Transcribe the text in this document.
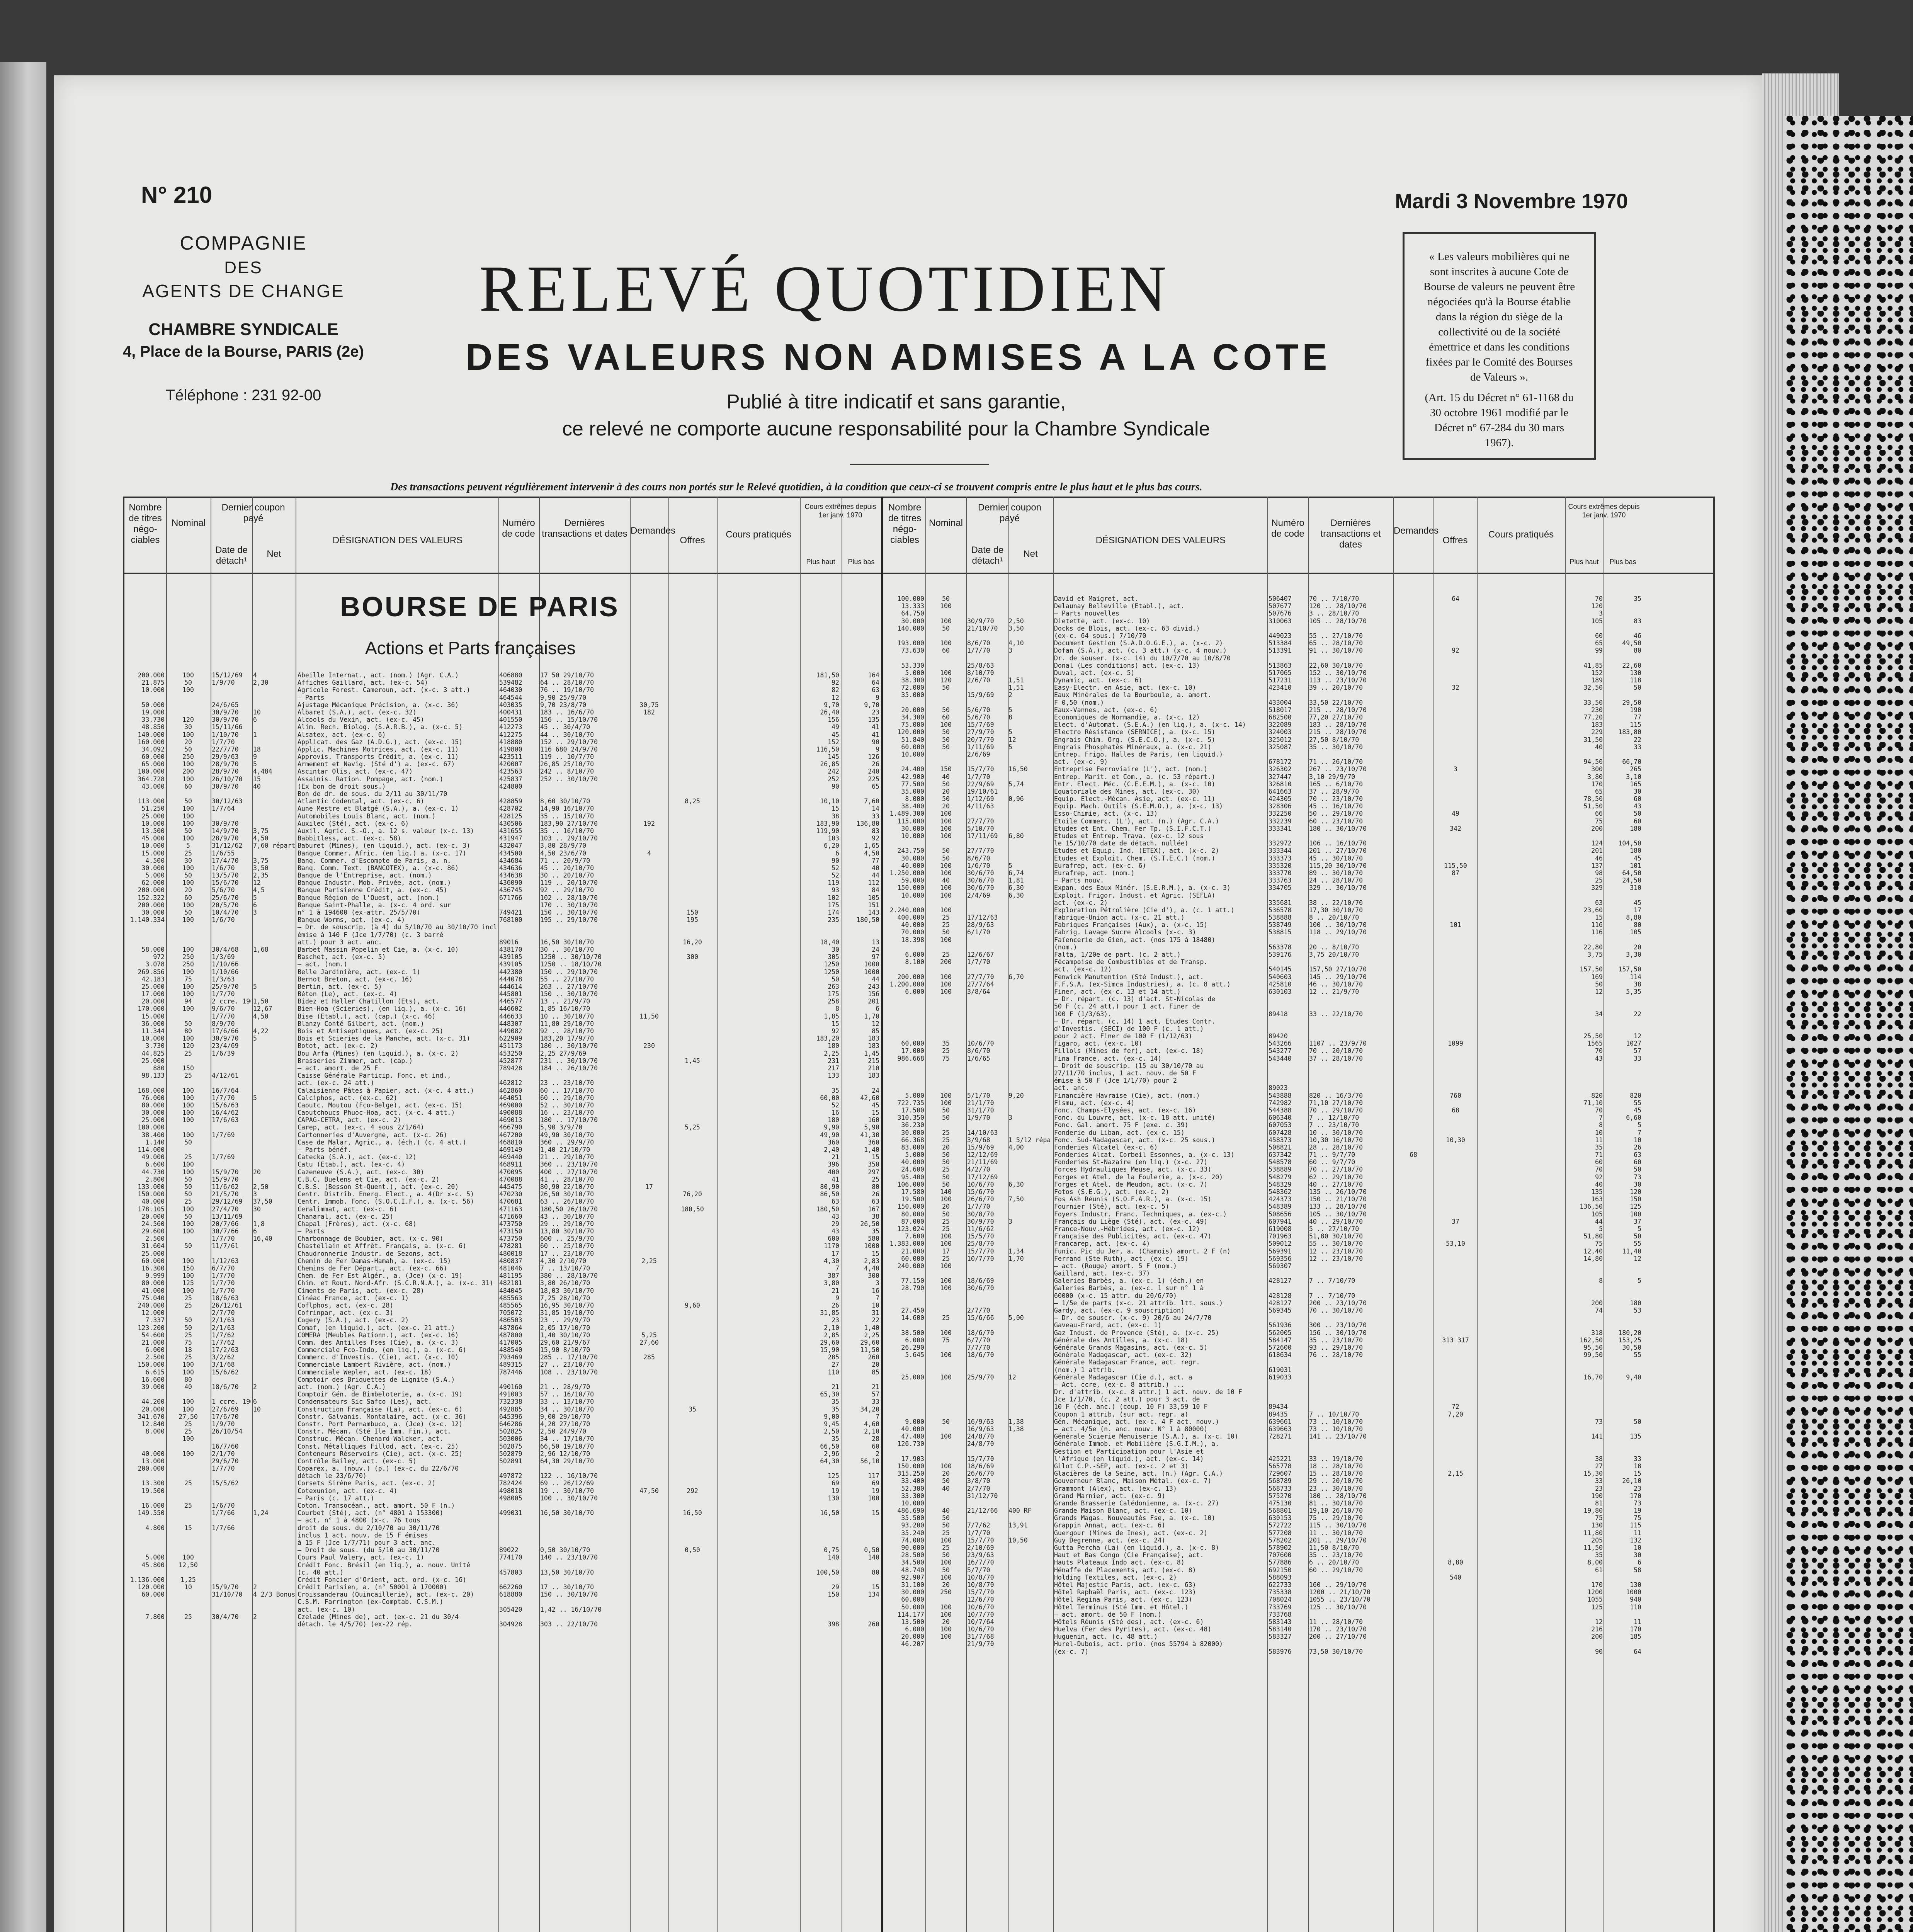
N° 210	Mardi 3 Novembre 1970
COMPAGNIE
DES
AGENTS DE CHANGE
CHAMBRE SYNDICALE
4, Place de la Bourse, PARIS (2e)
Téléphone : 231 92-00
RELEVÉ QUOTIDIEN
DES VALEURS NON ADMISES A LA COTE
Publié à titre indicatif et sans garantie,
ce relevé ne comporte aucune responsabilité pour la Chambre Syndicale
« Les valeurs mobilières qui ne sont inscrites à aucune Cote de Bourse de valeurs ne peuvent être négociées qu'à la Bourse établie dans la région du siège de la collectivité ou de la société émettrice et dans les conditions fixées par le Comité des Bourses de Valeurs ».
(Art. 15 du Décret n° 61-1168 du 30 octobre 1961 modifié par le Décret n° 67-284 du 30 mars 1967).
Des transactions peuvent régulièrement intervenir à des cours non portés sur le Relevé quotidien, à la condition que ceux-ci se trouvent compris entre le plus haut et le plus bas cours.
Nombre de titres négo- ciables
Nominal
Dernier coupon payé
Date de détach¹
Net
DÉSIGNATION DES VALEURS
Numéro de code
Dernières transactions et dates Demandes
Offres
Cours pratiqués
Cours extrêmes depuis 1er janv. 1970
Plus haut	Plus bas
Nombre de titres négo- ciables
Nominal
Dernier coupon payé
Date de détach¹
Net
DÉSIGNATION DES VALEURS
Numéro de code
Dernières transactions et dates
Demandes
Offres
Cours pratiqués
Cours extrêmes depuis 1er janv. 1970
Plus haut	Plus bas
BOURSE DE PARIS
Actions et Parts françaises
200.000	100	15/12/69	4	Abeille Internat., act. (nom.) (Agr. C.A.)	406880	17 50 29/10/70	181,50	164
21.875	50	1/9/70	2,30	Affiches Gaillard, act. (ex-c. 54)	539482	64 .. 28/10/70	92	64
10.000	100	Agricole Forest. Cameroun, act. (x-c. 3 att.)	464030	76 .. 19/10/70	82	63
— Parts	464544	9,90 25/9/70	12	9
50.000	24/6/65	Ajustage Mécanique Précision, a. (x-c. 36)	403035	9,70 23/8/70	30,75	9,70	9,70
19.000	30/9/70	10	Albaret (S.A.), act. (ex-c. 32)	400431	183 .. 16/6/70	182	26,40	23
33.730	120	30/9/70	6	Alcools du Vexin, act. (ex-c. 45)	401550	156 .. 15/10/70	156	135
48.850	30	15/11/66	Alim. Rech. Biolog. (S.A.R.B.), a. (x-c. 5)	412273	45 .. 30/4/70	49	41
140.000	100	1/10/70	1	Alsatex, act. (ex-c. 6)	412275	44 .. 30/10/70	45	41
160.000	20	1/7/70	Applicat. des Gaz (A.D.G.), act. (ex-c. 15)	418880	152 .. 29/10/70	152	90
34.092	50	22/7/70	18	Applic. Machines Motrices, act. (ex-c. 11)	419800	116 680 24/9/70	116,50	9
60.000	250	29/9/63	9	Approvis. Transports Crédit, a. (ex-c. 11)	423511	119 .. 10/7/70	145	126
65.000	100	28/9/70	5	Armement et Navig. (Sté d') a. (ex-c. 67)	420007	26,85 25/10/70	26,85	26
100.000	200	28/9/70	4,484	Ascintar Olis, act. (ex-c. 47)	423563	242 .. 8/10/70	242	240
364.728	100	26/10/70	15	Assainis. Ration. Pompage, act. (nom.)	425837	252 .. 30/10/70	252	225
43.000	60	30/9/70	40	(Ex bon de droit sous.)	424800	90	65
Bon de dr. de sous. du 2/11 au 30/11/70
113.000	50	30/12/63	Atlantic Codental, act. (ex-c. 6)	428859	8,60 30/10/70	8,25	10,10	7,60
51.250	100	1/7/64	Aune Mestre et Blatgé (S.A.), a. (ex-c. 1)	428702	14,90 16/10/70	15	14
25.000	100	Automobiles Louis Blanc, act. (nom.)	428125	35 .. 15/10/70	38	33
10.000	100	30/9/70	Auxilec (Sté), act. (ex-c. 6)	430506	183,90 27/10/70	192	183,90	136,80
13.500	50	14/9/70	3,75	Auxil. Agric. S.-O., a. 12 s. valeur (x-c. 13)	431655	35 .. 16/10/70	119,90	83
45.000	100	28/9/70	4,50	Babbitless, act. (ex-c. 58)	431947	103 .. 29/10/70	103	92
10.000	5	31/12/62	7,60 répart.
Baburet (Mines), (en liquid.), act. (ex-c. 3)	432047	3,80 28/9/70	6,20	1,65
15.000	25	1/6/55	Banque Commer. Afric. (en liq.) a. (x-c. 17)	434500	4,50 23/6/70	4	6	4,50
4.500	30	17/4/70	3,75	Banq. Commer. d'Escompte de Paris, a. n.	434684	71 .. 20/9/70	90	77
30.000	100	1/6/70	3,50	Banq. Comm. Text. (BANCOTEX), a. (x-c. 86)	434636	45 .. 20/10/70	52	40
5.000	50	13/5/70	2,35	Banque de l'Entreprise, act. (nom.)	434638	30 .. 20/10/70	52	44
62.000	100	15/6/70	12	Banque Industr. Mob. Privée, act. (nom.)	436090	119 .. 20/10/70	119	112
200.000	20	5/6/70	4,5	Banque Parisienne Crédit, a. (ex-c. 45)	436745	92 .. 29/10/70	93	84
152.322	60	25/6/70	5	Banque Région de l'Ouest, act. (nom.)	671766	102 .. 28/10/70	102	105
200.000	100	20/5/70	6	Banque Saint-Phalle, a. (x-c. 4 ord. sur	170 .. 30/10/70	175	151
30.000	50	10/4/70	3	n° 1 à 194600 (ex-attr. 25/5/70)	749421	150 .. 30/10/70	150	174	143
1.140.334	100	1/6/70	Banque Worms, act. (ex-c. 4)	768100	195 .. 29/10/70	195	235	180,50
— Dr. de souscrip. (à 4) du 5/10/70 au 30/10/70 incl
émise à 140 F (Jce 1/7/70) (c. 3 barré
att.) pour 3 act. anc.	89016	16,50 30/10/70	16,20	18,40	13
58.000	100	30/4/68	1,68	Barbet Massin Popelin et Cie, a. (x-c. 10)	438170	30 .. 30/10/70	30	24
972	250	1/3/69	Baschet, act. (ex-c. 5)	439105	1250 .. 30/10/70	300	305	97
3.078	250	1/10/66	— act. (nom.)	439105	1250 .. 18/10/70	1250	1000
269.856	100	1/10/66	Belle Jardinière, act. (ex-c. 1)	442380	150 .. 29/10/70	1250	1000
42.183	75	1/3/63	Bernot Breton, act. (ex-c. 16)	444078	55 .. 27/10/70	50	44
25.000	100	25/9/70	5	Bertin, act. (ex-c. 5)	444614	263 .. 27/10/70	263	243
17.000	100	1/7/70	Béton (Le), act. (ex-c. 4)	445801	150 .. 30/10/70	175	156
20.000	94	2 ccre. 19 1,50	Bidez et Haller Chatillon (Ets), act.	446577	13 .. 21/9/70	258	201
170.000	100	9/6/70	12,67	Bien-Hoa (Scieries), (en liq.), a. (x-c. 16)	446602	1,85 16/10/70	8	6
15.000	1/7/70	4,50	Bise (Etabl.), act. (cap.) (x-c. 46)	446633	10 .. 30/10/70	11,50	1,85	1,70
36.000	50	8/9/70	Blanzy Conté Gilbert, act. (nom.)	448307	11,80 29/10/70	15	12
11.344	80	17/6/66	4,22	Bois et Antiseptiques, act. (ex-c. 25)	449082	92 .. 28/10/70	92	85
10.000	100	30/9/70	5	Bois et Scieries de la Manche, act. (x-c. 31)	622909	183,20 17/9/70	183,20	183
3.730	120	23/4/69	Botot, act. (ex-c. 2)	451173	180 .. 30/10/70	230	180	183
44.825	25	1/6/39	Bou Arfa (Mines) (en liquid.), a. (x-c. 2)	453250	2,25 27/9/69	2,25	1,45
25.000	Brasseries Zimmer, act. (cap.)	452877	231 .. 30/10/70	1,45	231	215
880	150	— act. amort. de 25 F	789428	184 .. 26/10/70	217	210
98.133	25	4/12/61	Caisse Générale Particip. Fonc. et ind.,	133	183
act. (ex-c. 24 att.)	462812	23 .. 23/10/70
168.000	100	16/7/64	Calaisienne Pâtes à Papier, act. (x-c. 4 att.)	462860	60 .. 17/10/70	35	24
76.000	100	1/7/70	5	Calciphos, act. (ex-c. 62)	464051	60 .. 29/10/70	60,00	42,60
80.000	100	15/6/63	Caoutc. Moutou (Fco-Belge), act. (ex-c. 15)	469000	52 .. 30/10/70	52	45
30.000	100	16/4/62	Caoutchoucs Phuoc-Hoa, act. (x-c. 4 att.)	490088	16 .. 23/10/70	16	15
25.000	100	17/6/63	CAPAG-CETRA, act. (ex-c. 2)	469013	180 .. 17/10/70	180	160
100.000	Carep, act. (ex-c. 4 sous 2/1/64)	466790	5,90 3/9/70	5,25	9,90	5,90
38.400	100	1/7/69	Cartonneries d'Auvergne, act. (x-c. 26)	467200	49,90 30/10/70	49,90	41,30
1.140	50	Case de Malar, Agric., a. (éch.) (c. 4 att.)	468810	360 .. 29/9/70	360	360
114.000	— Parts bénéf.	469149	1,40 21/10/70	2,40	1,40
49.000	25	1/7/69	Catecka (S.A.), act. (ex-c. 12)	469440	21 .. 29/10/70	21	15
6.600	100	Catu (Etab.), act. (ex-c. 4)	468911	360 .. 23/10/70	396	350
44.730	100	15/9/70	20	Cazeneuve (S.A.), act. (ex-c. 30)	470095	400 .. 27/10/70	400	297
2.800	50	15/9/70	C.B.C. Buelens et Cie, act. (ex-c. 2)	470088	41 .. 28/10/70	41	25
133.000	50	11/6/62	2,50	C.B.S. (Besson St-Quent.), act. (ex-c. 20)	445475	80,90 22/10/70	17	80,90	80
150.000	50	21/5/70	3	Centr. Distrib. Energ. Elect., a. 4(Dr x-c. 5)	470230	26,50 30/10/70	76,20	86,50	26
40.000	25	29/12/69	37,50	Centr. Immob. Fonc. (S.O.C.I.F.), a. (x-c. 56)	470681	63 .. 26/10/70	63	63
178.105	100	27/4/70	30	Ceralimmat, act. (ex-c. 6)	471163	180,50 26/10/70	180,50	180,50	167
20.000	50	13/11/69	Chanaral, act. (ex-c. 25)	471660	43 .. 30/10/70	43	38
24.560	100	20/7/66	1,8	Chapal (Frères), act. (x-c. 68)	473750	29 .. 29/10/70	29	26,50
29.600	100	30/7/66	6	— Parts	473150	13,80 30/10/70	43	35
2.500	1/7/70	16,40	Charbonnage de Boubier, act. (x-c. 90)	473750	600 .. 25/9/70	600	580
31.604	50	11/7/61	Chastellain et Affrêt. Français, a. (x-c. 6)	478281	60 .. 25/10/70	1170	1000
25.000	Chaudronnerie Industr. de Sezons, act.	480018	17 .. 23/10/70	17	15
60.000	100	1/12/63	Chemin de Fer Damas-Hamah, a. (ex-c. 15)	480837	4,30 2/10/70	2,25	4,30	2,83
16.300	150	6/7/70	Chemins de Fer Départ., act. (ex-c. 66)	481046	7 .. 13/10/70	7	4,40
9.999	100	1/7/70	Chem. de Fer Est Algér., a. (Jce) (x-c. 19)	481195	380 .. 28/10/70	387	300
80.000	125	1/7/70	Chim. et Rout. Nord-Afr. (S.C.R.N.A.), a. (x-c. 31) 482181	3,80 26/10/70	3,80	3
41.000	100	1/7/70	Ciments de Paris, act. (ex-c. 28)	484045	18,03 30/10/70	21	16
75.040	25	18/6/63	Cinéac France, act. (ex-c. 1)	485563	7,25 28/10/70	9	7
240.000	25	26/12/61	Coflphos, act. (ex-c. 28)	485565	16,95 30/10/70	9,60	26	10
12.000	2/7/70	Cofrinpar, act. (ex-c. 3)	705072	31,85 19/10/70	31,85	31
7.337	50	2/1/63	Cogery (S.A.), act. (ex-c. 2)	486503	23 .. 29/9/70	23	22
123.200	50	2/1/63	Comaf, (en liquid.), act. (ex-c. 21 att.)	487864	2,05 17/10/70	2,10	1,40
54.600	25	1/7/62	COMERA (Meubles Rationn.), act. (ex-c. 16)	487800	1,40 30/10/70	5,25	2,85	2,25
21.000	75	1/7/62	Comm. des Antilles Fses (Cie), a. (x-c. 3)	417005	29,60 21/9/67	27,60	29,60	29,60
6.000	18	17/2/63	Commerciale Fco-Indo, (en liq.), a. (x-c. 6)	488540	15,90 8/10/70	15,90	11,50
2.500	25	3/2/62	Commerc. d'Investis. (Cie), act. (x-c. 10)	793469	285 .. 17/10/70	285	285	260
150.000	100	3/1/68	Commerciale Lambert Rivière, act. (nom.)	489315	27 .. 23/10/70	27	20
6.615	100	15/6/62	Commerciale Wepler, act. (ex-c. 18)	787446	108 .. 23/10/70	110	85
16.600	80	Comptoir des Briquettes de Lignite (S.A.)
39.000	40	18/6/70	2	act. (nom.) (Agr. C.A.)	490160	21 .. 28/9/70	21	21
Comptoir Gén. de Bimbeloterie, a. (x-c. 19)	491003	57 .. 16/10/70	65,30	57
44.200	100	1 ccre. 19 6	Condensateurs Sic Safco (Les), act.	732338	33 .. 13/10/70	35	33
20.000	100	27/6/69	10	Construction Française (La), act. (ex-c. 6)	492885	34 .. 30/10/70	35	35	34,20
341.670	27,50	17/6/70	Constr. Galvanis. Montalaire, act. (x-c. 36)	645396	9,00 29/10/70	9,00	7
12.840	25	1/9/70	Constr. Port Pernambuco, a. (Jce) (x-c. 12)	646286	4,20 27/10/70	9,45	4,60
8.000	25	26/10/54	Constr. Mécan. (Sté Ile Imm. Fin.), act.	502825	2,50 24/9/70	2,50	2,10
100	Construc. Mécan. Chenard-Walcker, act.	503006	34 .. 17/10/70	35	28
16/7/60	Const. Métalliques Fillod, act. (ex-c. 25)	502875	66,50 19/10/70	66,50	60
40.000	100	2/1/70	Conteneurs Réservoirs (Cie), act. (x-c. 25)	502879	2,96 12/10/70	2,96	2
13.000	29/6/70	Contrôle Bailey, act. (ex-c. 5)	502891	64,30 29/10/70	64,30	56,10
200.000	1/7/70	Coparex, a. (nouv.) (p.) (ex-c. du 22/6/70
détach le 23/6/70)	497872	122 .. 16/10/70	125	117
13.300	25	15/5/62	Corsets Sirène Paris, act. (ex-c. 2)	782424	69 .. 26/12/69	69	69
19.500	Cotexunion, act. (ex-c. 4)	498018	19 .. 30/10/70	47,50	292	19	19
— Paris (c. 17 att.)	498005	100 .. 30/10/70	130	100
16.000	25	1/6/70	Coton. Transocéan., act. amort. 50 F (n.)
149.550	1/7/66	1,24	Courbet (Sté), act. (n° 4801 à 153300)	499031	16,50 30/10/70	16,50	16,50	15
— act. n° 1 à 4800 (x-c. 76 tous
4.800	15	1/7/66	droit de sous. du 2/10/70 au 30/11/70
inclus 1 act. nouv. de 15 F émises
à 15 F (Jce 1/7/71) pour 3 act. anc.
— Droit de sous. (du 5/10 au 30/11/70	89022	0,50 30/10/70	0,50	0,75	0,50
5.000	100	Cours Paul Valery, act. (ex-c. 1)	774170	140 .. 23/10/70	140	140
45.800	12,50	Crédit Fonc. Brésil (en liq.), a. nouv. Unité
(c. 40 att.)	457803	13,50 30/10/70	100,50	80
1.136.000	1,25	Crédit Foncier d'Orient, act. ord. (x-c. 16)
120.000	10	15/9/70	2	Crédit Parisien, a. (n° 50001 à 170000)	662260	17 .. 30/10/70	29	15
60.000	31/10/70	4 2/3 Bonus Croissanderau (Quincaillerie), act. (ex-c. 20)	618880	150 .. 30/10/70	150	134
C.S.M. Farrington (ex-Comptab. C.S.M.)
act. (ex-c. 10)	305420	1,42 .. 16/10/70
7.800	25	30/4/70	2	Czelade (Mines de), act. (ex-c. 21 du 30/4
détach. le 4/5/70) (ex-22 rép.	304928	303 .. 22/10/70	398	260
100.000	50	David et Maigret, act.	506407	70 .. 7/10/70	64	70	35
13.333	100	Delaunay Belleville (Etabl.), act.	507677	120 .. 28/10/70	120
64.750	— Parts nouvelles	507676	3 .. 28/10/70	3
30.000	100	30/9/70	2,50	Dietette, act. (ex-c. 10)	310063	105 .. 28/10/70	105	83
140.000	50	21/10/70	3,50	Docks de Blois, act. (ex-c. 63 divid.)
(ex-c. 64 sous.) 7/10/70	449023	55 .. 27/10/70	60	46
193.000	100	8/6/70	4,10	Document Gestion (S.A.D.O.G.E.), a. (x-c. 2)	513384	65 .. 28/10/70	65	49,50
73.630	60	1/7/70	3	Dofan (S.A.), act. (c. 3 att.) (x-c. 4 nouv.)	513391	91 .. 30/10/70	92	99	80
Dr. de souser. (x-c. 14) du 10/7/70 au 10/8/70
53.330	25/8/63	Donal (Les conditions) act. (ex-c. 13)	513863	22,60 30/10/70	41,85	22,60
5.000	100	8/10/70	Duval, act. (ex-c. 5)	517065	152 .. 30/10/70	152	130
38.300	120	2/6/70	1,51	Dynamic, act. (ex-c. 6)	517231	113 .. 23/10/70	189	118
72.000	50	1,51	Easy-Electr. en Asie, act. (ex-c. 10)	423410	39 .. 20/10/70	32	32,50	50
35.000	15/9/69	2	Eaux Minérales de la Bourboule, a. amort.
F 0,50 (nom.)	433004	33,50 22/10/70	33,50	29,50
20.000	50	5/6/70	5	Eaux-Vannes, act. (ex-c. 6)	518017	215 .. 28/10/70	230	190
34.300	60	5/6/70	8	Economiques de Normandie, a. (x-c. 12)	682500	77,20 27/10/70	77,20	77
75.000	100	15/7/69	Elect. d'Automat. (S.E.A.) (en liq.), a. (x-c. 14)	322089	183 .. 28/10/70	183	115
120.000	50	27/9/70	5	Electro Résistance (SERNICE), a. (x-c. 15)	324003	215 .. 28/10/70	229	183,80
51.840	50	20/7/70	12	Engrais Chim. Org. (S.E.C.O.), a. (x-c. 5)	325012	27,50 8/10/70	31,50	22
60.000	50	1/11/69	5	Engrais Phosphatés Minéraux, a. (x-c. 21)	325087	35 .. 30/10/70	40	33
10.000	2/6/69	Entrep. Frigo. Halles de Paris, (en liquid.)
act. (ex-c. 9)	678172	71 .. 26/10/70	94,50	66,70
24.400	150	15/7/70	16,50	Entreprise Ferroviaire (L'), act. (nom.)	326302	267 .. 23/10/70	3	300	265
42.900	40	1/7/70	Entrep. Marit. et Com., a. (c. 53 répart.)	327447	3,10 29/9/70	3,80	3,10
77.500	50	22/9/69	5,74	Entr. Elect. Méc. (C.E.E.M.), a. (x-c. 10)	326810	165 .. 6/10/70	170	165
35.000	20	19/10/61	Equatoriale des Mines, act. (ex-c. 30)	641663	37 .. 28/9/70	65	30
8.000	50	1/12/69	0,96	Equip. Elect.-Mécan. Asie, act. (ex-c. 11)	424305	70 .. 23/10/70	78,50	60
38.400	20	4/11/63	Equip. Mach. Outils (S.E.M.O.), a. (x-c. 13)	328306	45 .. 16/10/70	51,50	43
1.489.300	100	Esso-Chimie, act. (x-c. 13)	332250	50 .. 29/10/70	49	66	50
115.000	100	27/7/70	Etoile Commerc. (L'), act. (n.) (Agr. C.A.)	332239	60 .. 23/10/70	75	60
30.000	100	5/10/70	Etudes et Ent. Chem. Fer Tp. (S.I.F.C.T.)	333341	180 .. 30/10/70	342	200	180
10.000	100	17/11/69	6,80	Etudes et Entrep. Trava. (ex-c. 12 sous
le 15/10/70 date de détach. nullée)	332972	106 .. 16/10/70	124	104,50
243.750	50	27/7/70	Etudes et Equip. Ind. (ETEX), act. (x-c. 2)	333344	201 .. 27/10/70	201	180
30.000	50	8/6/70	Etudes et Exploit. Chem. (S.T.E.C.) (nom.)	333373	45 .. 30/10/70	46	45
40.000	100	1/6/70	5	Eurafrep, act. (ex-c. 6)	335320	115,20 30/10/70	115,50	137	101
1.250.000	100	30/6/70	6,74	Eurafrep, act. (nom.)	333770	89 .. 30/10/70	87	98	64,50
59.000	40	30/6/70	1,81	— Parts nouv.	333763	24 .. 28/10/70	25	24,50
150.000	100	30/6/70	6,30	Expan. des Eaux Minér. (S.E.R.M.), a. (x-c. 3)	334705	329 .. 30/10/70	329	310
10.000	100	2/4/69	6,30	Exploit. Frigor. Indust. et Agric. (SEFLA)
act. (ex-c. 2)	335681	38 .. 22/10/70	63	45
2.240.000	100	Exploration Pétrolière (Cie d'), a. (c. 1 att.)	536578	17,30 30/10/70	23,60	17
400.000	25	17/12/63	Fabrique-Union act. (x-c. 21 att.)	538888	8 .. 20/10/70	15	8,80
40.000	25	28/9/63	Fabriques Françaises (Aux), a. (x-c. 15)	538749	100 .. 30/10/70	101	116	80
70.000	50	6/1/70	Fabrig. Lavage Sucre Alcools (x-c. 3)	538815	118 .. 29/10/70	116	105
18.398	100	Faïencerie de Gien, act. (nos 175 à 18480)
(nom.)	563378	20 .. 8/10/70	22,80	20
6.000	25	12/6/67	Falta, 1/20e de part. (c. 2 att.)	539176	3,75 20/10/70	3,75	3,30
8.100	200	1/7/70	Fécampoise de Combustibles et de Transp.
act. (ex-c. 12)	540145	157,50 27/10/70	157,50	157,50
200.000	100	27/7/70	6,70	Fenwick Manutention (Sté Indust.), act.	540603	145 .. 29/10/70	169	114
1.200.000	100	27/7/64	F.F.S.A. (ex-Simca Industries), a. (c. 8 att.)	425810	46 .. 30/10/70	50	38
6.000	100	3/8/64	Finer, act. (ex-c. 13 et 14 att.)	630103	12 .. 21/9/70	12	5,35
— Dr. répart. (c. 13) d'act. St-Nicolas de
50 F (c. 24 att.) pour 1 act. Finer de
100 F (1/3/63).	89418	33 .. 22/10/70	34	22
— Dr. répart. (c. 14) 1 act. Etudes Contr.
d'Investis. (SECI) de 100 F (c. 1 att.)
pour 2 act. Finer de 100 F (1/12/63)	89420	25,50	12
60.000	35	10/6/70	Figaro, act. (ex-c. 10)	543266	1107 .. 23/9/70	1099	1565	1027
17.000	25	8/6/70	Fillols (Mines de fer), act. (ex-c. 18)	543277	70 .. 20/10/70	70	57
986.668	75	1/6/65	Fina France, act. (ex-c. 14)	543440	37 .. 28/10/70	43	33
— Droit de souscrip. (15 au 30/10/70 au
27/11/70 inclus, 1 act. nouv. de 50 F
émise à 50 F (Jce 1/1/70) pour 2
act. anc.	89023
5.000	100	5/1/70	9,20	Financière Havraise (Cie), act. (nom.)	543888	820 .. 16/3/70	760	820	820
722.735	100	21/1/70	Fismu, act. (ex-c. 4)	742982	71,10 27/10/70	71,10	55
17.500	50	31/1/70	Fonc. Champs-Elysées, act. (ex-c. 16)	544388	70 .. 29/10/70	68	70	45
310.350	50	1/9/70	3	Fonc. du Louvre, act. (x-c. 18 att. unité)	606340	7 .. 12/10/70	7	6,60
36.230	Fonc. Gal. amort. 75 F (exe. c. 39)	607053	7 .. 23/10/70	8	5
30.000	25	14/10/63	Fonderie du Liban, act. (ex-c. 15)	607428	10 .. 30/10/70	10	7
66.368	25	3/9/68	1 5/12 répa Fonc. Sud-Madagascar, act. (x-c. 25 sous.)	458373	10,30 16/10/70	10,30	11	10
83.000	20	15/9/69	4,00	Fonderies Alcatel (ex-c. 6)	508821	28 .. 28/10/70	35	26
5.000	50	12/12/69	Fonderies Alcat. Corbeil Essonnes, a. (x-c. 13)	637342	71 .. 9/7/70	68	71	63
40.000	50	21/11/69	Fonderies St-Nazaire (en liq.) (x-c. 27)	548578	60 .. 9/7/70	60	60
24.600	25	4/2/70	Forces Hydrauliques Meuse, act. (x-c. 33)	538889	70 .. 27/10/70	70	50
95.400	50	17/12/69	Forges et Atel. de la Foulerie, a. (x-c. 20)	548279	62 .. 29/10/70	92	73
106.000	50	10/6/70	6,30	Forges et Atel. de Meudon, act. (x-c. 7)	548329	40 .. 27/10/70	40	30
17.580	140	15/6/70	Fotos (S.E.G.), act. (ex-c. 2)	548362	135 .. 26/10/70	135	120
19.500	100	26/6/70	7,50	Fos Ash Réunis (S.O.F.A.R.), a. (x-c. 15)	424373	150 .. 21/10/70	163	150
150.000	20	1/7/70	Fournier (Sté), act. (ex-c. 5)	548389	133 .. 28/10/70	136,50	125
80.000	50	30/8/70	Foyers Industr. Franc. Techniques, a. (ex-c.)	508656	105 .. 30/10/70	105	100
87.000	25	30/9/70	3	Français du Liège (Sté), act. (ex-c. 49)	607941	40 .. 29/10/70	37	44	37
123.024	25	11/6/62	France-Nouv.-Hébrides, act. (ex-c. 12)	619008	5 .. 27/10/70	5	5
7.600	100	15/5/70	Française des Publicités, act. (ex-c. 47)	701963	51,80 30/10/70	51,80	50
1.383.000	100	25/8/70	Francarep, act. (ex-c. 4)	509012	55 .. 30/10/70	53,10	75	55
21.000	17	15/7/70	1,34	Funic. Pic du Jer, a. (Chamois) amort. 2 F (n)	569391	12 .. 23/10/70	12,40	11,40
60.000	25	10/7/70	1,70	Ferrand (Ste Ruth), act. (ex-c. 19)	569356	12 .. 23/10/70	14,80	12
240.000	100	— act. (Rouge) amort. 5 F (nom.)	569307
Gaillard, act. (ex-c. 37)
77.150	100	18/6/69	Galeries Barbès, a. (ex-c. 1) (éch.) en	428127	7 .. 7/10/70	8	5
28.790	100	30/6/70	Galeries Barbès, a. (ex-c. 1 sur n° 1 à
60000 (x-c. 15 attr. du 20/6/70)	428128	7 .. 7/10/70
— 1/5e de parts (x-c. 21 attrib. ltt. sous.)	428127	200 .. 23/10/70	200	180
27.450	2/7/70	Gardy, act. (ex-c. 9 souscription)	569345	70 .. 30/10/70	74	53
14.600	25	15/6/66	5,00	— Dr. de souscr. (x-c. 9) 20/6 au 24/7/70
Gaveau-Erard, act. (ex-c. 1)	561936	300 .. 23/10/70
38.500	100	18/6/70	Gaz Indust. de Provence (Sté), a. (x-c. 25)	562005	156 .. 30/10/70	318	180,20
6.000	75	6/7/70	Générale des Antilles, a. (x-c. 18)	584147	35 .. 23/10/70	313 317	162,50	153,25
26.290	7/7/70	Générale Grands Magasins, act. (ex-c. 5)	572600	93 .. 29/10/70	95,50	30,50
5.645	100	18/6/70	Générale Madagascar, act. (ex-c. 32)	618634	76 .. 28/10/70	99,50	55
Générale Madagascar France, act. regr.
(nom.) 1 attrib.	619031
25.000	100	25/9/70	12	Générale Madagascar (Cie d.), act. a	619033	16,70	9,40
— Act. ccre, (ex-c. 8 attrib.) ...
Dr. d'attrib. (x-c. 8 attr.) 1 act. nouv. de 10 F
Jce 1/1/70, (c. 2 att.) pour 3 act. de
10 F (éch. anc.) (coup. 10 F) 33,59 10 F	89434	72
Coupon 1 attrib. (sur act. regr. a)	89435	7 .. 10/10/70	7,20
9.000	50	16/9/63	1,38	Gén. Mécanique, act. (ex-c. 4 F act. nouv.)	639661	73 .. 10/10/70	73	50
40.000	16/9/63	1,38	— act. 4/5e (n. anc. nouv. N° 1 à 80000)	639663	73 .. 10/10/70
47.400	100	24/8/70	Générale Scierie Menuiserie (S.A.), a. (x-c. 10)	728271	141 .. 23/10/70	141	135
126.730	24/8/70	Générale Immob. et Mobilière (S.G.I.M.), a.
Gestion et Participation pour l'Asie et
17.903	15/7/70	l'Afrique (en liquid.), act. (ex-c. 14)	425221	33 .. 19/10/70	38	33
150.000	100	18/6/69	Gilot C.P.-SEP, act. (ex-c. 2 et 3)	565778	18 .. 28/10/70	27	18
315.250	20	26/6/70	Glacières de la Seine, act. (n.) (Agr. C.A.)	729607	15 .. 28/10/70	2,15	15,30	15
33.400	50	3/8/70	Gouverneur Blanc, Maison Métal. (ex-c. 7)	568789	29 .. 20/10/70	33	26,10
52.300	40	2/7/70	Grammont (Alex), act. (ex-c. 13)	568733	23 .. 30/10/70	23	23
33.300	31/12/70	Grand Marnier, act. (ex-c. 9)	575270	180 .. 28/10/70	190	170
10.000	Grande Brasserie Calédonienne, a. (x-c. 27)	475130	81 .. 30/10/70	81	73
486.690	40	21/12/66	400 RF	Grande Maison Blanc, act. (ex-c. 10)	568801	19,10 26/10/70	19,80	19
35.500	50	Grands Magas. Nouveautés Fse, a. (x-c. 10)	630153	75 .. 29/10/70	75	75
93.200	50	7/7/62	13,91	Grappin Annat, act. (ex-c. 6)	572722	115 .. 30/10/70	130	115
35.240	25	1/7/70	Guergour (Mines de Ines), act. (ex-c. 2)	577208	11 .. 30/10/70	11,80	11
74.000	100	15/7/70	10,50	Guy Degrenne, act. (ex-c. 24)	578202	201 .. 29/10/70	205	132
90.000	25	2/10/69	Gutta Percha (La) (en liquid.), a. (x-c. 8)	578902	11,50 8/10/70	11,50	10
28.500	50	23/9/63	Haut et Bas Congo (Cie Française), act.	707600	35 .. 23/10/70	35	30
34.500	100	16/7/70	Hauts Plateaux Indo act. (ex-c. 8)	577886	6 .. 20/10/70	8,80	8,00	6
48.740	50	5/7/70	Hénaffe de Placements, act. (ex-c. 8)	692150	60 .. 29/10/70	61	58
92.907	100	10/8/70	Holding Textiles, act. (ex-c. 2)	588093	540
31.100	20	10/8/70	Hôtel Majestic Paris, act. (ex-c. 63)	622733	160 .. 29/10/70	170	130
30.000	250	15/7/70	Hôtel Raphaël Paris, act. (ex-c. 123)	735338	1200 .. 21/10/70	1200	1000
60.000	12/6/70	Hôtel Regina Paris, act. (ex-c. 123)	708024	1055 .. 23/10/70	1055	940
50.000	100	10/6/70	Hôtel Terminus (Sté Imm. et Hôtel.)	733769	125 .. 30/10/70	125	110
114.177	100	10/7/70	— act. amort. de 50 F (nom.)	733768
13.500	20	10/7/64	Hôtels Réunis (Sté des), act. (ex-c. 6)	583143	11 .. 28/10/70	12	11
6.000	100	10/6/70	Huelva (Fer des Pyrites), act. (ex-c. 48)	583140	170 .. 23/10/70	216	170
20.000	100	31/7/68	Huguenin, act. (c. 48 att.)	583327	200 .. 27/10/70	200	185
46.207	21/9/70	Hurel-Dubois, act. prio. (nos 55794 à 82000)
(ex-c. 7)	583976	73,50 30/10/70	90	64
